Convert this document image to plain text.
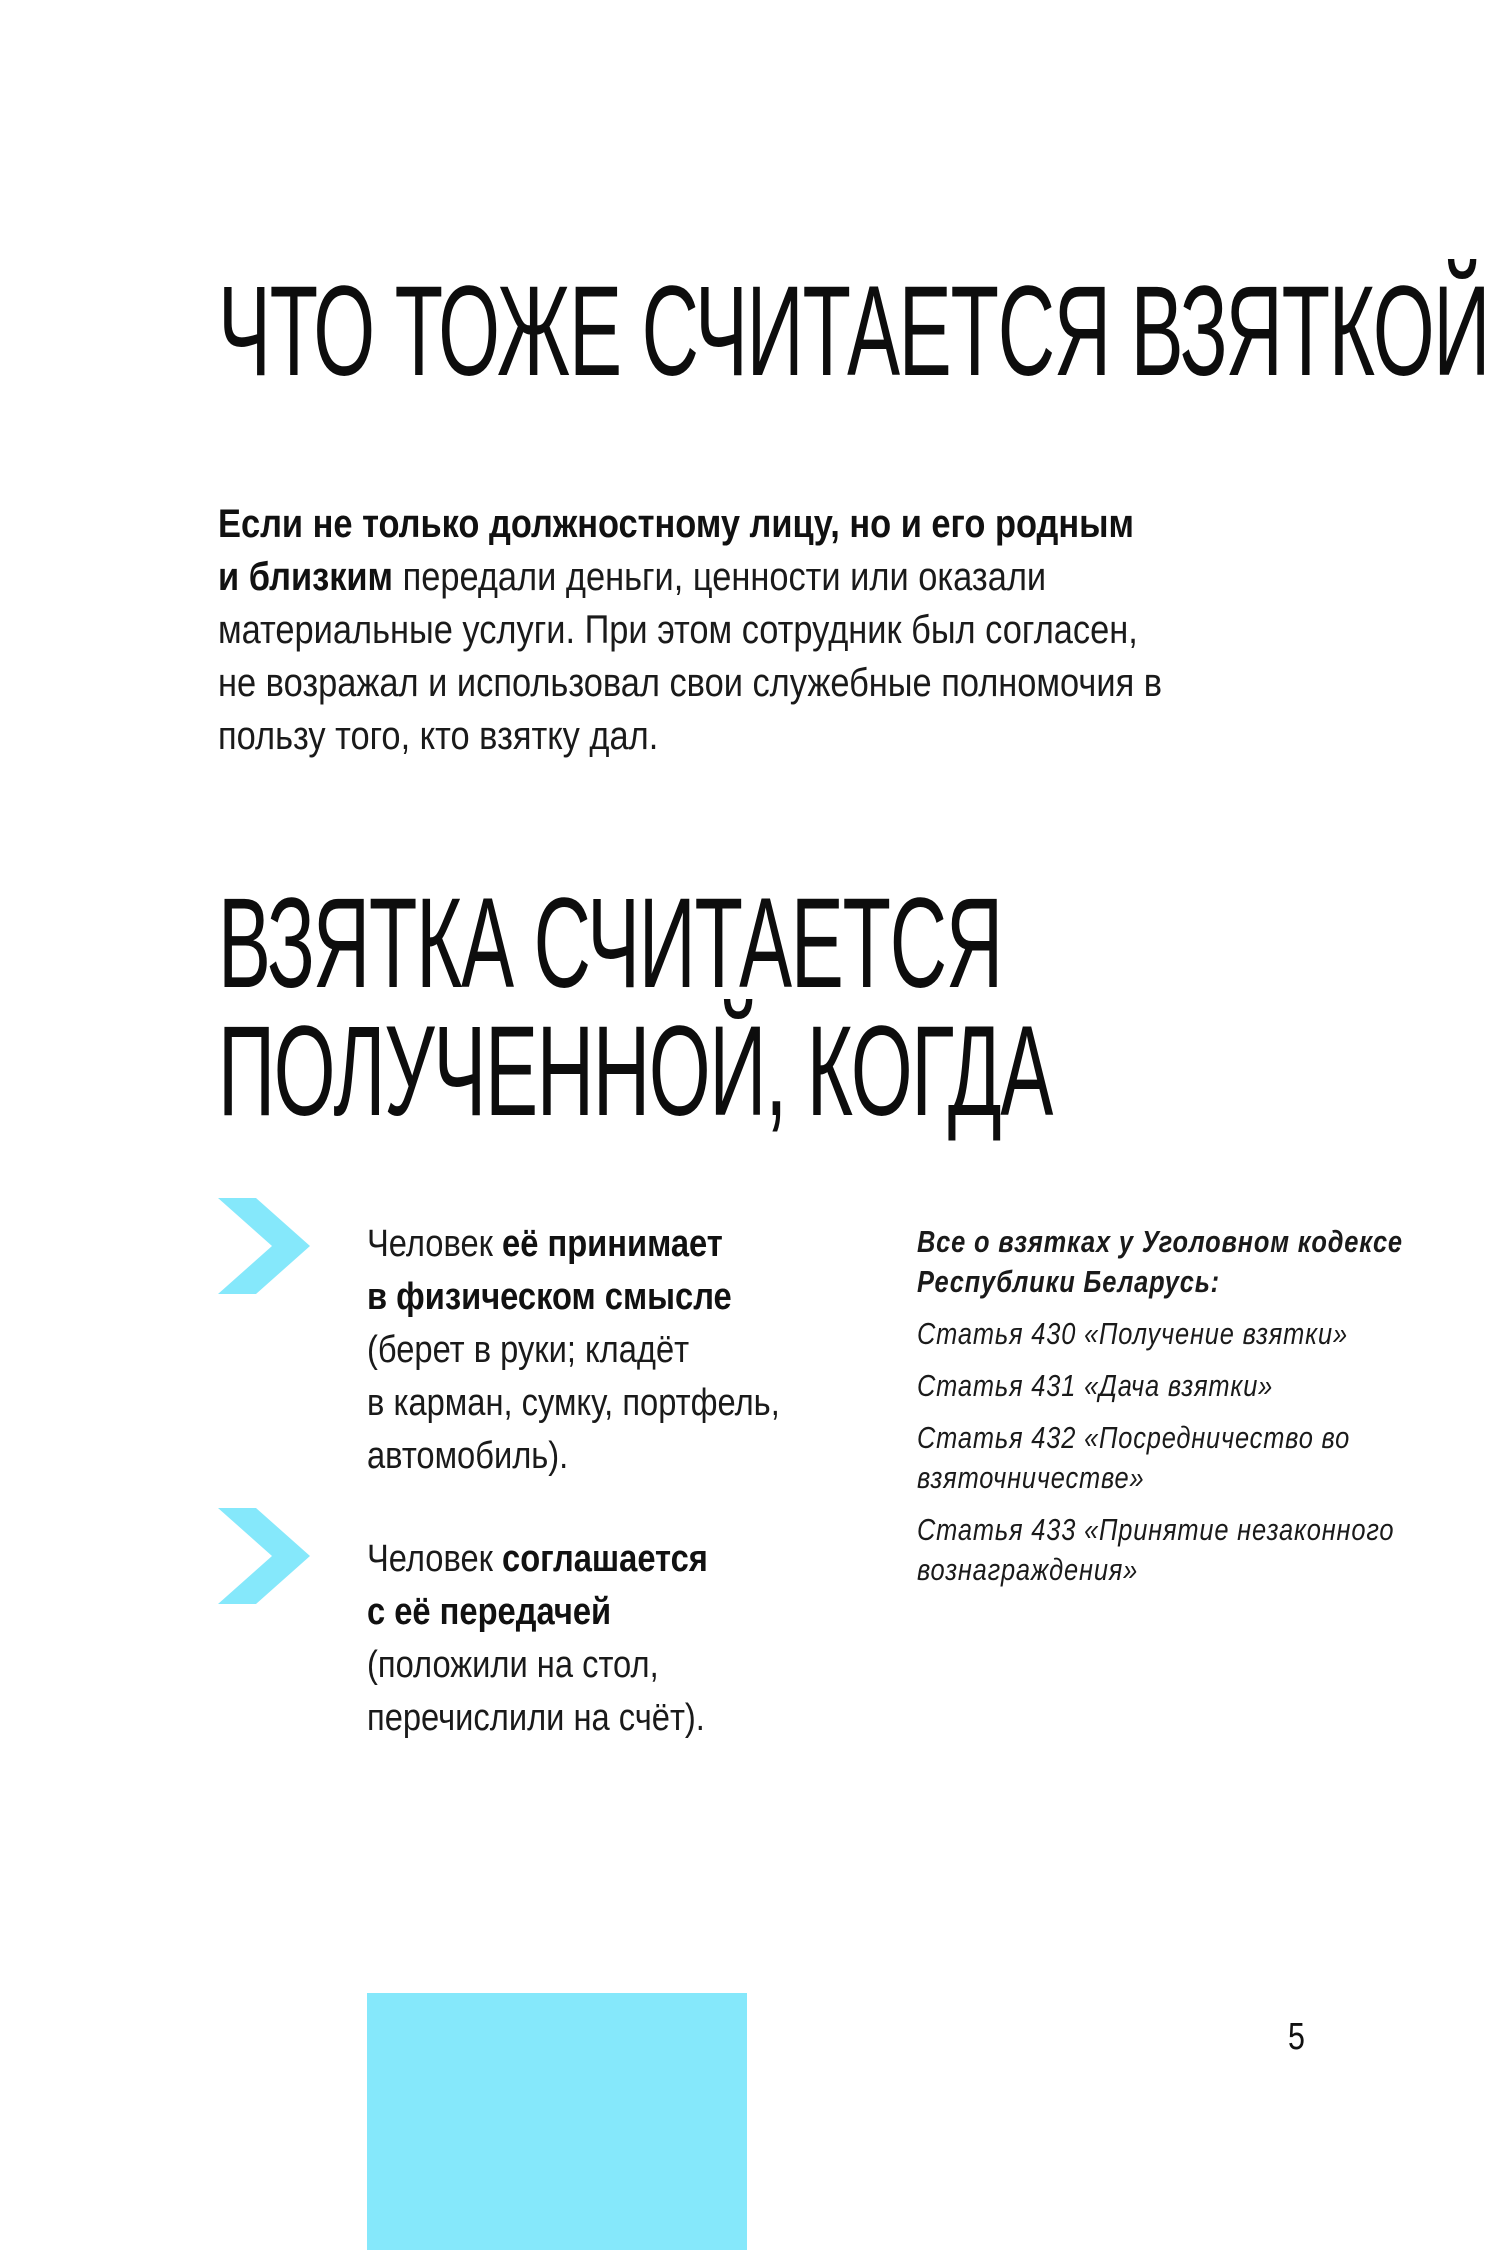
ЧТО ТОЖЕ СЧИТАЕТСЯ ВЗЯТКОЙ

Если не только должностному лицу, но и его родным и близким передали деньги, ценности или оказали материальные услуги. При этом сотрудник был согласен, не возражал и использовал свои служебные полномочия в пользу того, кто взятку дал.

ВЗЯТКА СЧИТАЕТСЯ
ПОЛУЧЕННОЙ, КОГДА

Человек её принимает
в физическом смысле
(берет в руки; кладёт
в карман, сумку, портфель,
автомобиль).

Человек соглашается
с её передачей
(положили на стол,
перечислили на счёт).

Все о взятках у Уголовном кодексе Республики Беларусь:

Статья 430 «Получение взятки»

Статья 431 «Дача взятки»

Статья 432 «Посредничество во взяточничестве»

Статья 433 «Принятие незаконного вознаграждения»

5
